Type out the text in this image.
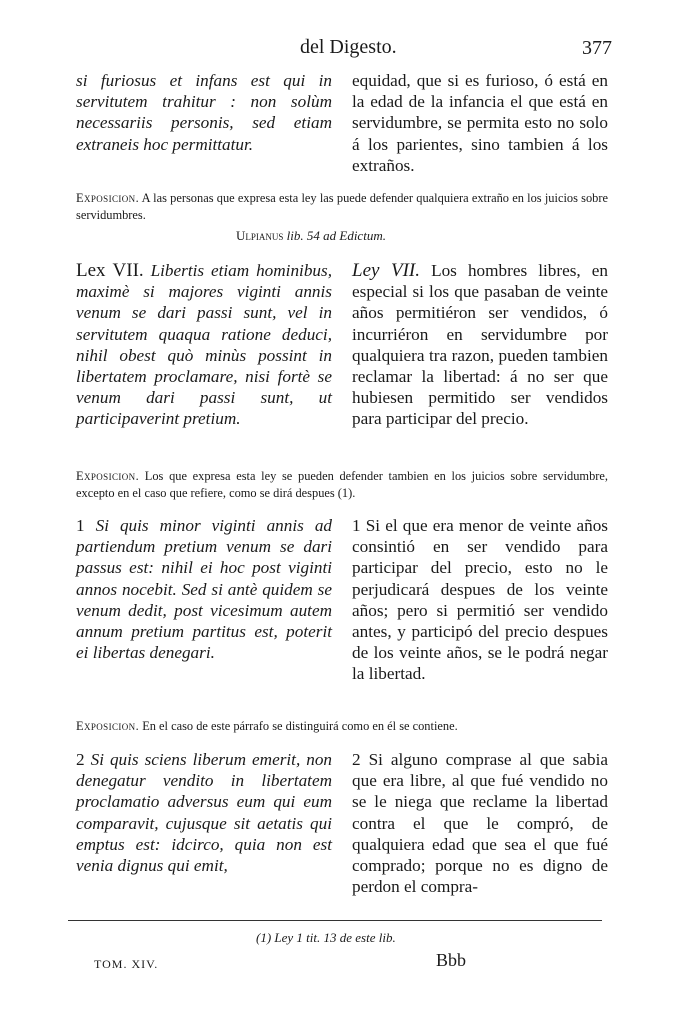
del Digesto.	377

si furiosus et infans est qui in servitutem trahitur : non solùm necessariis personis, sed etiam extraneis hoc permittatur.

equidad, que si es furioso, ó está en la edad de la infancia el que está en servidumbre, se permita esto no solo á los parientes, sino tambien á los extraños.

Exposicion. A las personas que expresa esta ley las puede defender qualquiera extraño en los juicios sobre servidumbres.
Ulpianus lib. 54 ad Edictum.

Lex VII. Libertis etiam hominibus, maximè si majores viginti annis venum se dari passi sunt, vel in servitutem quaqua ratione deduci, nihil obest quò minùs possint in libertatem proclamare, nisi fortè se venum dari passi sunt, ut participaverint pretium.

Ley VII. Los hombres libres, en especial si los que pasaban de veinte años permitiéron ser vendidos, ó incurriéron en servidumbre por qualquiera tra razon, pueden tambien reclamar la libertad: á no ser que hubiesen permitido ser vendidos para participar del precio.

Exposicion. Los que expresa esta ley se pueden defender tambien en los juicios sobre servidumbre, excepto en el caso que refiere, como se dirá despues (1).

1 Si quis minor viginti annis ad partiendum pretium venum se dari passus est: nihil ei hoc post viginti annos nocebit. Sed si antè quidem se venum dedit, post vicesimum autem annum pretium partitus est, poterit ei libertas denegari.

1 Si el que era menor de veinte años consintió en ser vendido para participar del precio, esto no le perjudicará despues de los veinte años; pero si permitió ser vendido antes, y participó del precio despues de los veinte años, se le podrá negar la libertad.

Exposicion. En el caso de este párrafo se distinguirá como en él se contiene.

2 Si quis sciens liberum emerit, non denegatur vendito in libertatem proclamatio adversus eum qui eum comparavit, cujusque sit aetatis qui emptus est: idcirco, quia non est venia dignus qui emit,

2 Si alguno comprase al que sabia que era libre, al que fué vendido no se le niega que reclame la libertad contra el que le compró, de qualquiera edad que sea el que fué comprado; porque no es digno de perdon el compra-

(1) Ley 1 tit. 13 de este lib.
TOM. XIV.	Bbb
